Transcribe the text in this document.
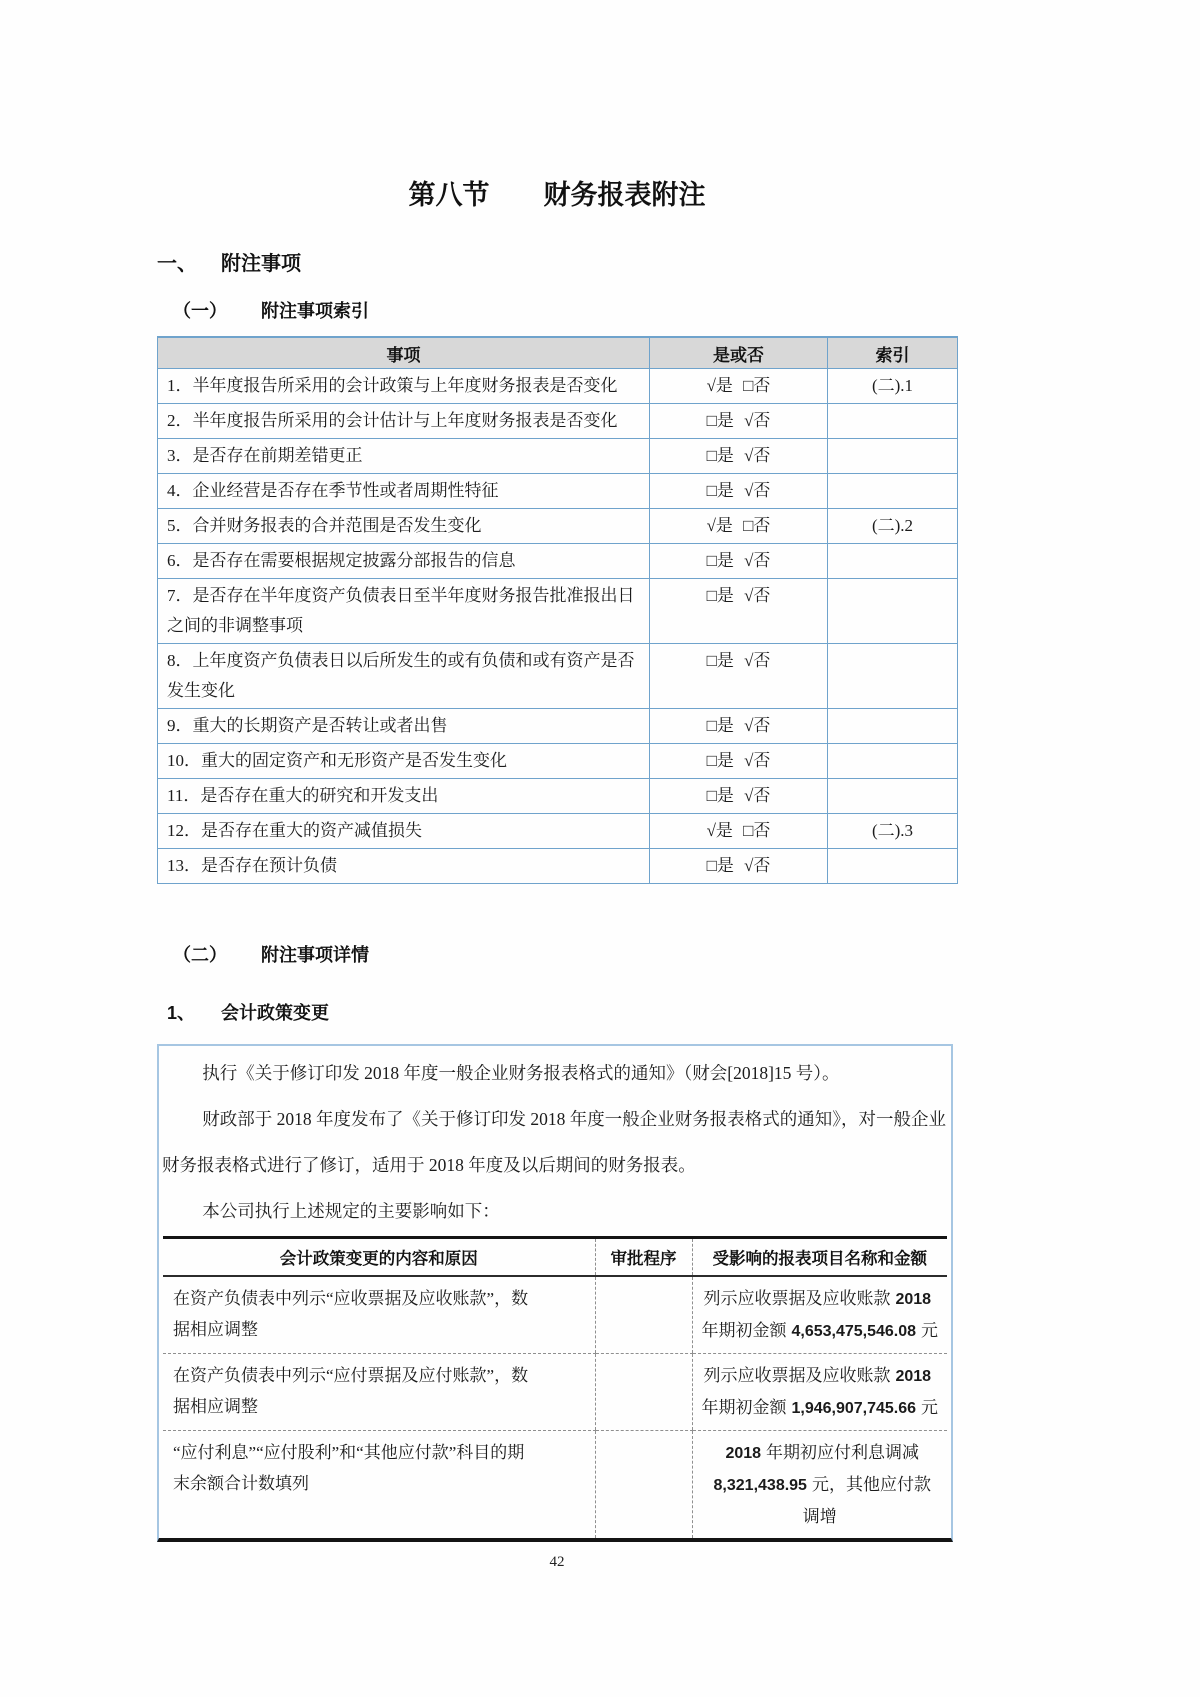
第八节　　财务报表附注
一、 附注事项
（一） 附注事项索引
事项	是或否	索引
1．半年度报告所采用的会计政策与上年度财务报表是否变化	√是 □否	(二).1
2．半年度报告所采用的会计估计与上年度财务报表是否变化	□是 √否	
3．是否存在前期差错更正	□是 √否	
4．企业经营是否存在季节性或者周期性特征	□是 √否	
5．合并财务报表的合并范围是否发生变化	√是 □否	(二).2
6．是否存在需要根据规定披露分部报告的信息	□是 √否	
7．是否存在半年度资产负债表日至半年度财务报告批准报出日之间的非调整事项	□是 √否	
8．上年度资产负债表日以后所发生的或有负债和或有资产是否发生变化	□是 √否	
9．重大的长期资产是否转让或者出售	□是 √否	
10．重大的固定资产和无形资产是否发生变化	□是 √否	
11．是否存在重大的研究和开发支出	□是 √否	
12．是否存在重大的资产减值损失	√是 □否	(二).3
13．是否存在预计负债	□是 √否	
（二） 附注事项详情
1、 会计政策变更

执行《关于修订印发 2018 年度一般企业财务报表格式的通知》（财会[2018]15 号）。

财政部于 2018 年度发布了《关于修订印发 2018 年度一般企业财务报表格式的通知》，对一般企业财务报表格式进行了修订，适用于 2018 年度及以后期间的财务报表。

本公司执行上述规定的主要影响如下：

会计政策变更的内容和原因	审批程序	受影响的报表项目名称和金额
在资产负债表中列示“应收票据及应收账款”，数据相应调整		列示应收票据及应收账款 2018年期初金额 4,653,475,546.08 元
在资产负债表中列示“应付票据及应付账款”，数据相应调整		列示应收票据及应收账款 2018年期初金额 1,946,907,745.66 元
“应付利息”“应付股利”和“其他应付款”科目的期末余额合计数填列		2018 年期初应付利息调减8,321,438.95 元，其他应付款调增
42
